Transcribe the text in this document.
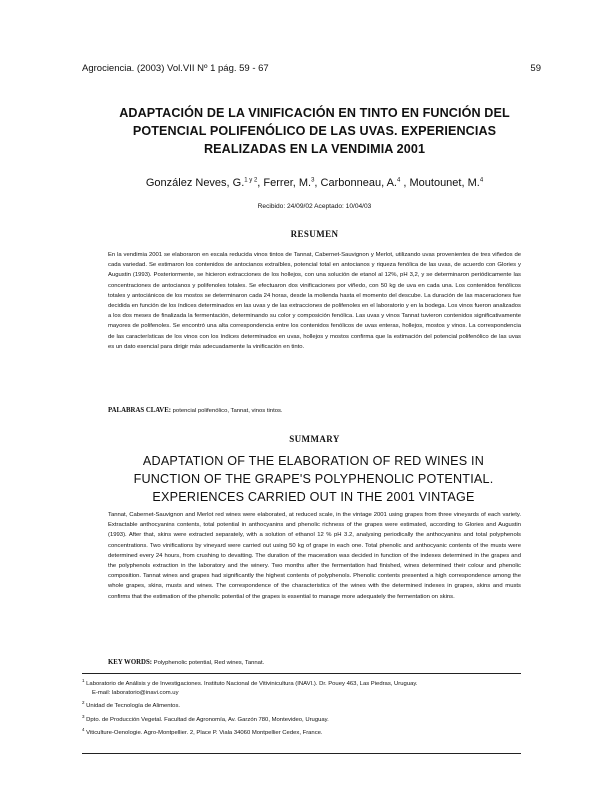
Agrociencia. (2003) Vol.VII Nº 1 pág. 59 - 67	59
ADAPTACIÓN DE LA VINIFICACIÓN EN TINTO EN FUNCIÓN DEL
POTENCIAL POLIFENÓLICO DE LAS UVAS. EXPERIENCIAS
REALIZADAS EN LA VENDIMIA 2001
González Neves, G.$^{1 y 2}$, Ferrer, M.$^3$, Carbonneau, A.$^4$ , Moutounet, M.$^4$
Recibido: 24/09/02 Aceptado: 10/04/03
RESUMEN
En la vendimia 2001 se elaboraron en escala reducida vinos tintos de Tannat, Cabernet-Sauvignon y Merlot, utilizando uvas provenientes de tres viñedos de cada variedad. Se estimaron los contenidos de antocianos extraíbles, potencial total en antocianos y riqueza fenólica de las uvas, de acuerdo con Glories y Augustin (1993). Posteriormente, se hicieron extracciones de los hollejos, con una solución de etanol al 12%, pH 3,2, y se determinaron periódicamente las concentraciones de antocianos y polifenoles totales. Se efectuaron dos vinificaciones por viñedo, con 50 kg de uva en cada una. Los contenidos fenólicos totales y antociánicos de los mostos se determinaron cada 24 horas, desde la molienda hasta el momento del descube. La duración de las maceraciones fue decidida en función de los índices determinados en las uvas y de las extracciones de polifenoles en el laboratorio y en la bodega. Los vinos fueron analizados a los dos meses de finalizada la fermentación, determinando su color y composición fenólica. Las uvas y vinos Tannat tuvieron contenidos significativamente mayores de polifenoles. Se encontró una alta correspondencia entre los contenidos fenólicos de uvas enteras, hollejos, mostos y vinos. La correspondencia de las características de los vinos con los índices determinados en uvas, hollejos y mostos confirma que la estimación del potencial polifenólico de las uvas es un dato esencial para dirigir más adecuadamente la vinificación en tinto.
PALABRAS CLAVE: potencial polifenólico, Tannat, vinos tintos.
SUMMARY
ADAPTATION OF THE ELABORATION OF RED WINES IN
FUNCTION OF THE GRAPE'S POLYPHENOLIC POTENTIAL.
EXPERIENCES CARRIED OUT IN THE 2001 VINTAGE
Tannat, Cabernet-Sauvignon and Merlot red wines were elaborated, at reduced scale, in the vintage 2001 using grapes from three vineyards of each variety. Extractable anthocyanins contents, total potential in anthocyanins and phenolic richness of the grapes were estimated, according to Glories and Augustin (1993). After that, skins were extracted separately, with a solution of ethanol 12 % pH 3.2, analysing periodically the anthocyanins and total polyphenols concentrations. Two vinifications by vineyard were carried out using 50 kg of grape in each one. Total phenolic and anthocyanic contents of the musts were determined every 24 hours, from crushing to devatting. The duration of the maceration was decided in function of the indexes determined in the grapes and the polyphenols extraction in the laboratory and the winery. Two months after the fermentation had finished, wines determined their colour and phenolic composition. Tannat wines and grapes had significantly the highest contents of polyphenols. Phenolic contents presented a high correspondence among the whole grapes, skins, musts and wines. The correspondence of the characteristics of the wines with the determined indexes in grapes, skins and musts confirms that the estimation of the phenolic potential of the grapes is essential to manage more adequately the fermentation on skins.
KEY WORDS: Polyphenolic potential, Red wines, Tannat.
$^1$ Laboratorio de Análisis y de Investigaciones. Instituto Nacional de Vitivinicultura (INAVI.). Dr. Pouey 463, Las Piedras, Uruguay.
E-mail: laboratorio@inavi.com.uy
$^2$ Unidad de Tecnología de Alimentos.
$^3$ Dpto. de Producción Vegetal. Facultad de Agronomía, Av. Garzón 780, Montevideo, Uruguay.
$^4$ Viticulture-Oenologie. Agro-Montpellier. 2, Place P. Viala 34060 Montpellier Cedex, France.
